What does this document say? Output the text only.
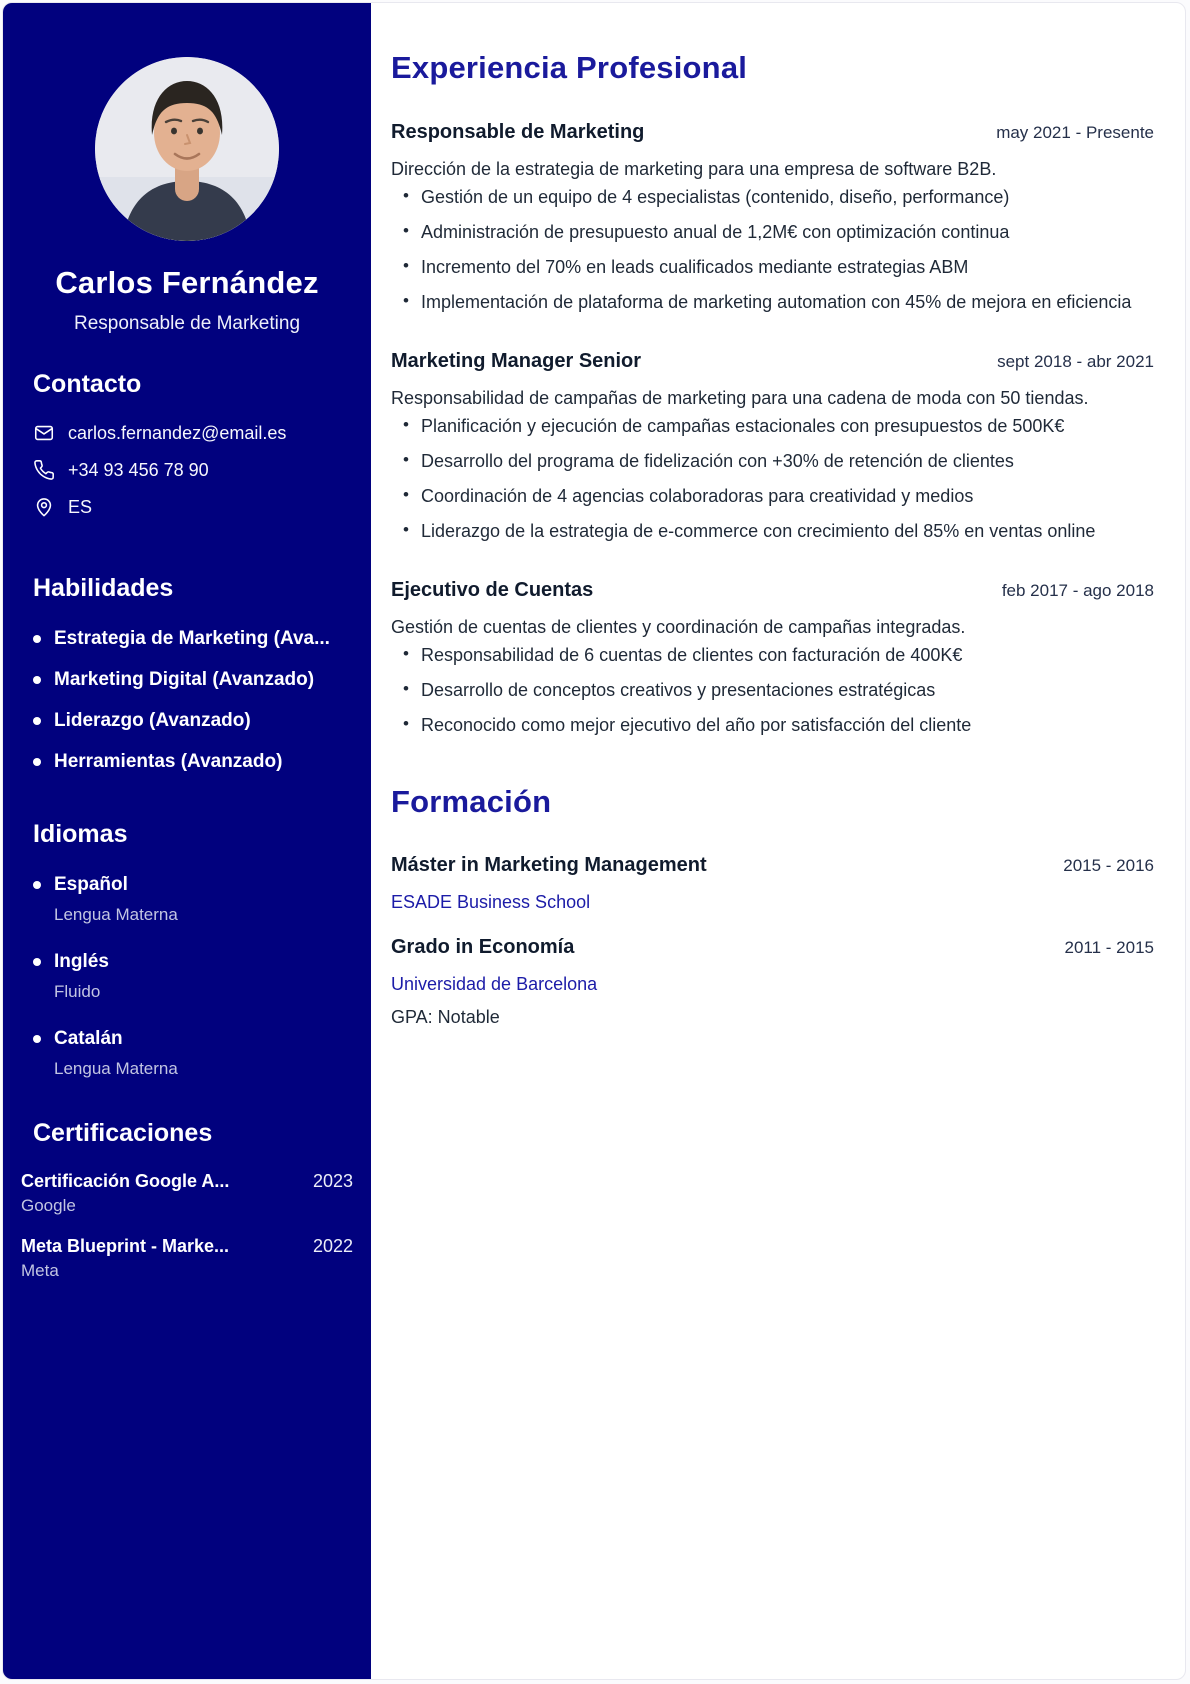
Carlos Fernández
Responsable de Marketing
Contacto
carlos.fernandez@email.es
+34 93 456 78 90
ES
Habilidades
Estrategia de Marketing (Ava...
Marketing Digital (Avanzado)
Liderazgo (Avanzado)
Herramientas (Avanzado)
Idiomas
Español
Lengua Materna
Inglés
Fluido
Catalán
Lengua Materna
Certificaciones
Certificación Google A...	2023
Google
Meta Blueprint - Marke...	2022
Meta
Experiencia Profesional
Responsable de Marketing	may 2021 - Presente

Dirección de la estrategia de marketing para una empresa de software B2B.

• Gestión de un equipo de 4 especialistas (contenido, diseño, performance)
• Administración de presupuesto anual de 1,2M€ con optimización continua
• Incremento del 70% en leads cualificados mediante estrategias ABM
• Implementación de plataforma de marketing automation con 45% de mejora en eficiencia
Marketing Manager Senior	sept 2018 - abr 2021

Responsabilidad de campañas de marketing para una cadena de moda con 50 tiendas.

• Planificación y ejecución de campañas estacionales con presupuestos de 500K€
• Desarrollo del programa de fidelización con +30% de retención de clientes
• Coordinación de 4 agencias colaboradoras para creatividad y medios
• Liderazgo de la estrategia de e-commerce con crecimiento del 85% en ventas online
Ejecutivo de Cuentas	feb 2017 - ago 2018

Gestión de cuentas de clientes y coordinación de campañas integradas.

• Responsabilidad de 6 cuentas de clientes con facturación de 400K€
• Desarrollo de conceptos creativos y presentaciones estratégicas
• Reconocido como mejor ejecutivo del año por satisfacción del cliente
Formación
Máster in Marketing Management	2015 - 2016
ESADE Business School
Grado in Economía	2011 - 2015
Universidad de Barcelona
GPA: Notable
